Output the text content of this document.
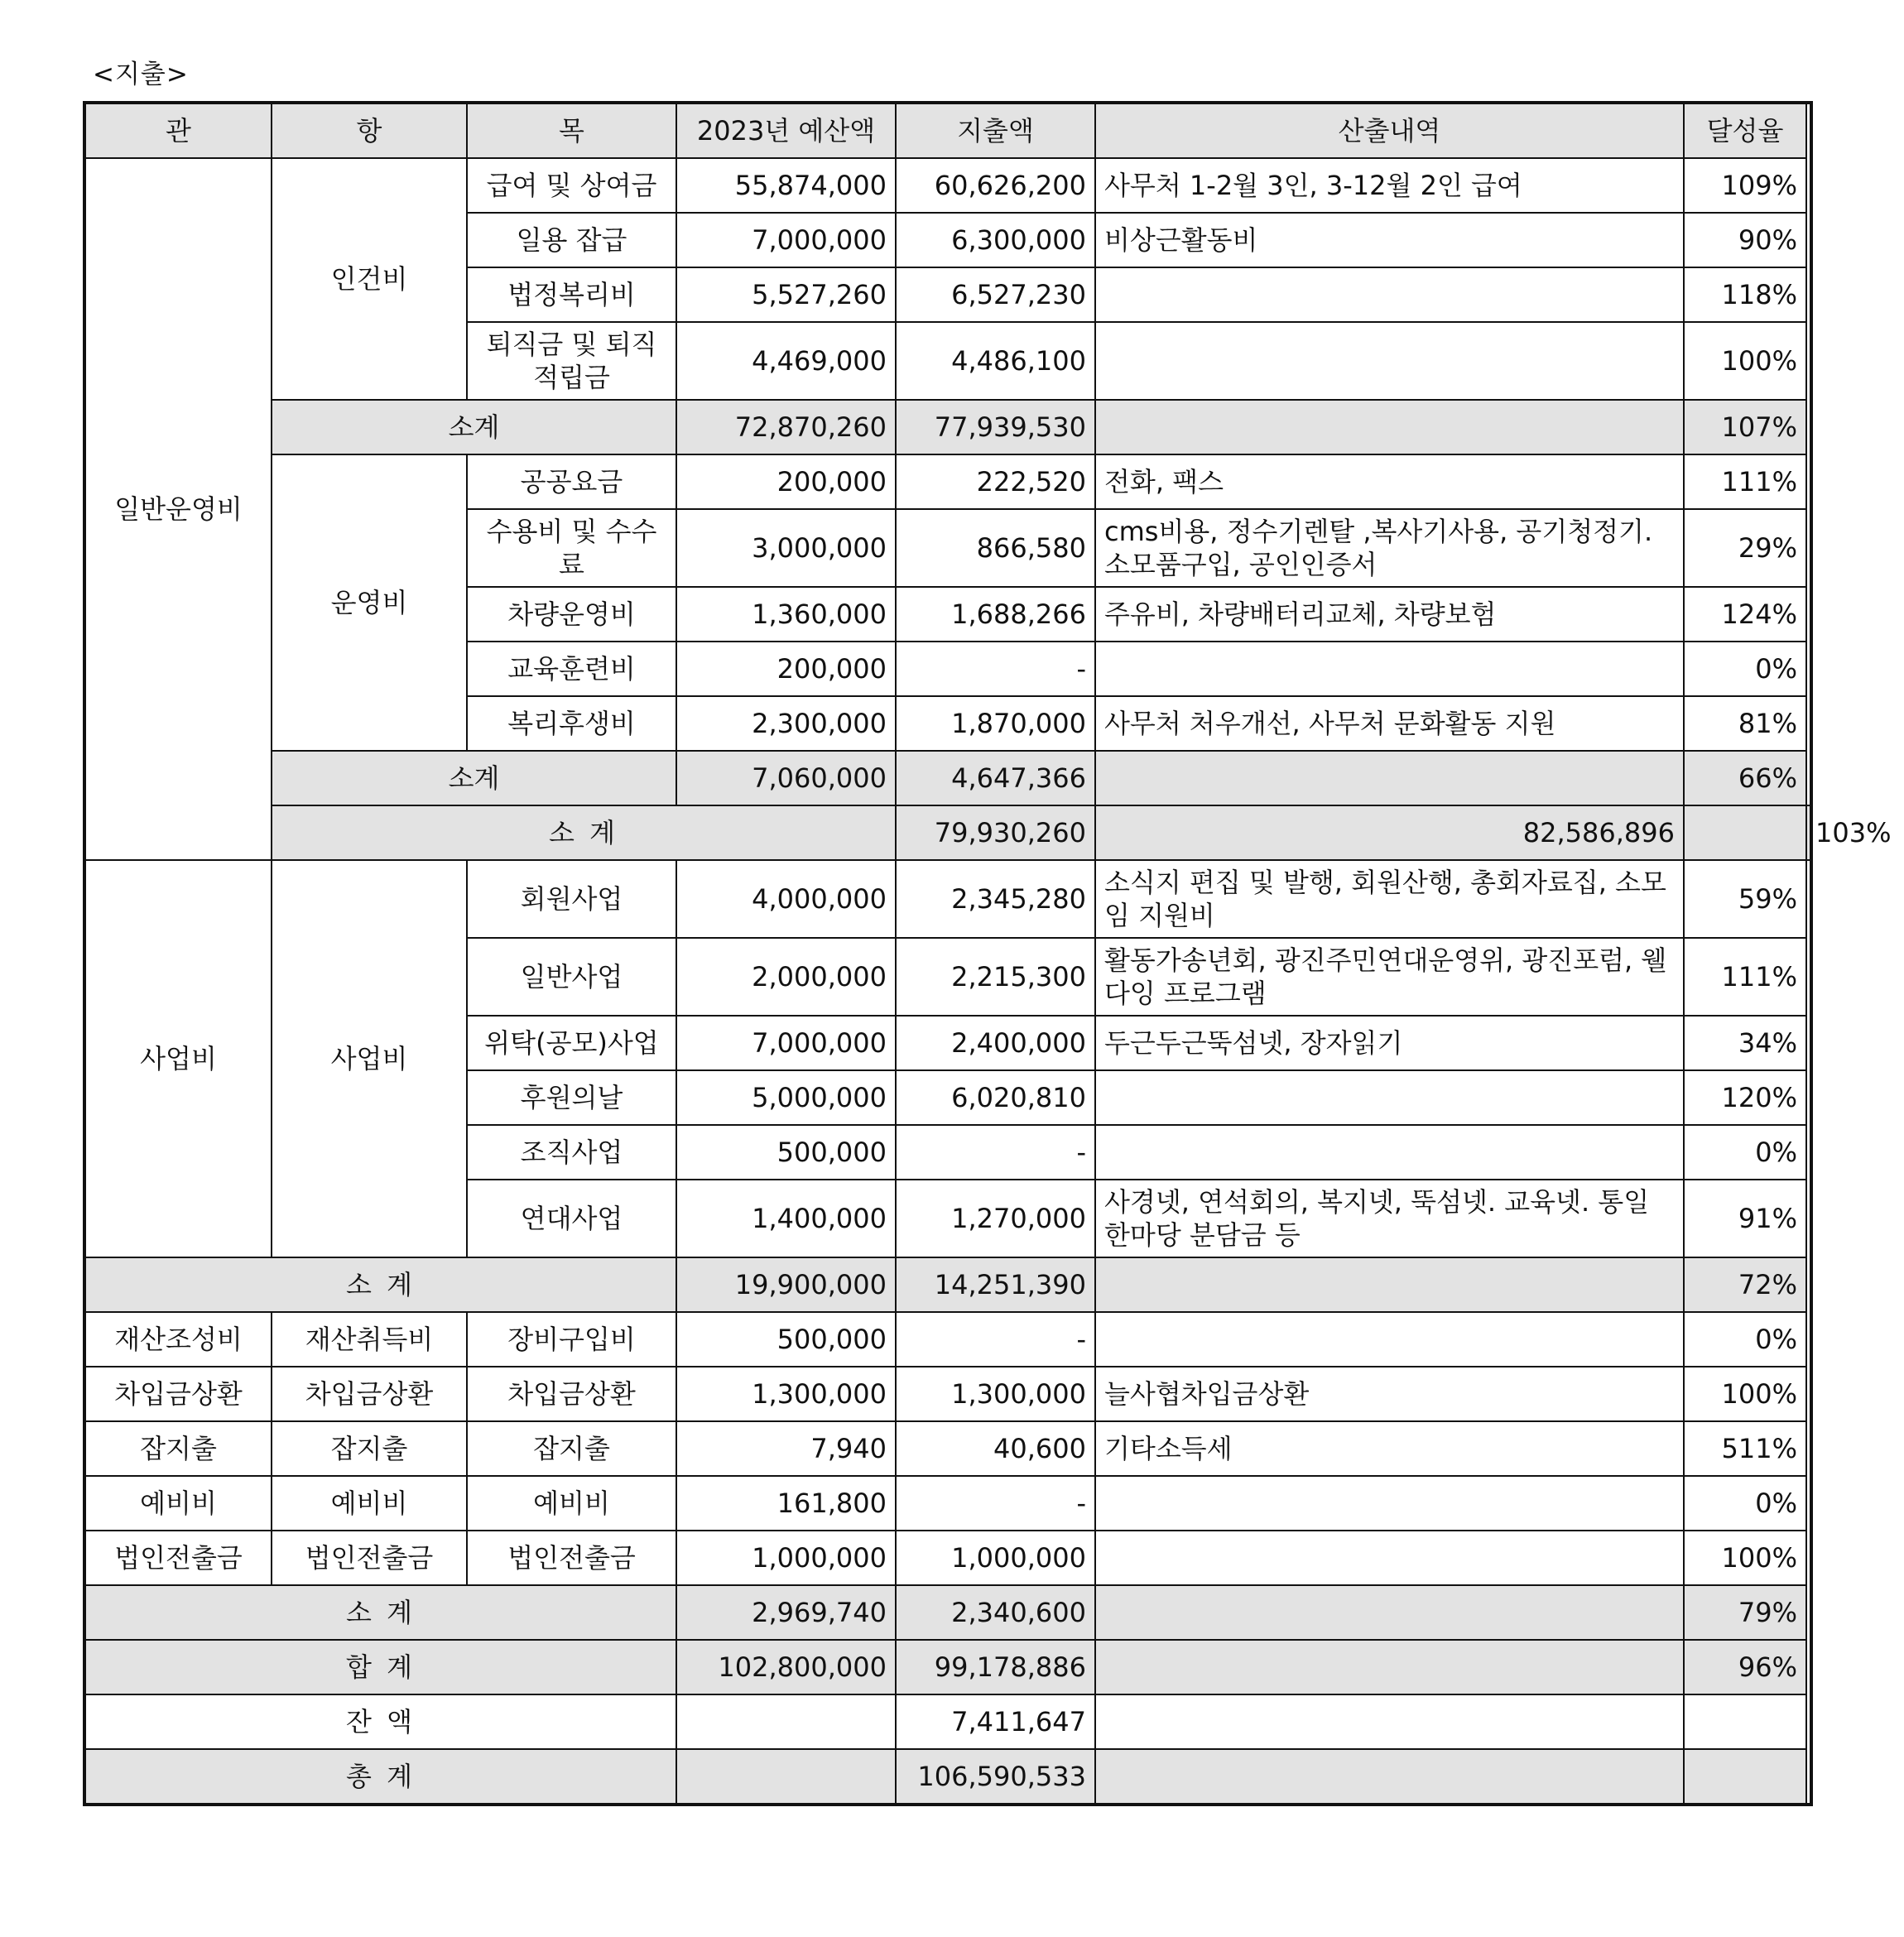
<지출>
관	항	목	2023년 예산액	지출액	산출내역	달성율	
일반운영비	인건비	급여 및 상여금	55,874,000	60,626,200	사무처 1-2월 3인, 3-12월 2인 급여	109%	
		일용 잡급	7,000,000	6,300,000	비상근활동비	90%	
		법정복리비	5,527,260	6,527,230		118%	
		퇴직금 및 퇴직 적립금	4,469,000	4,486,100		100%	
	소계		72,870,260	77,939,530		107%	
	운영비	공공요금	200,000	222,520	전화, 팩스	111%	
		수용비 및 수수료	3,000,000	866,580	cms비용, 정수기렌탈 ,복사기사용, 공기청정기. 소모품구입, 공인인증서	29%	
		차량운영비	1,360,000	1,688,266	주유비, 차량배터리교체, 차량보험	124%	
		교육훈련비	200,000	-		0%	
		복리후생비	2,300,000	1,870,000	사무처 처우개선, 사무처 문화활동 지원	81%	
	소계		7,060,000	4,647,366		66%	
	소 계			79,930,260	82,586,896		103%
사업비	사업비	회원사업	4,000,000	2,345,280	소식지 편집 및 발행, 회원산행, 총회자료집, 소모임 지원비	59%	
		일반사업	2,000,000	2,215,300	활동가송년회, 광진주민연대운영위, 광진포럼, 웰다잉 프로그램	111%	
		위탁(공모)사업	7,000,000	2,400,000	두근두근뚝섬넷, 장자읽기	34%	
		후원의날	5,000,000	6,020,810		120%	
		조직사업	500,000	-		0%	
		연대사업	1,400,000	1,270,000	사경넷, 연석회의, 복지넷, 뚝섬넷. 교육넷. 통일한마당 분담금 등	91%	
소 계			19,900,000	14,251,390		72%	
재산조성비	재산취득비	장비구입비	500,000	-		0%	
차입금상환	차입금상환	차입금상환	1,300,000	1,300,000	늘사협차입금상환	100%	
잡지출	잡지출	잡지출	7,940	40,600	기타소득세	511%	
예비비	예비비	예비비	161,800	-		0%	
법인전출금	법인전출금	법인전출금	1,000,000	1,000,000		100%	
소 계			2,969,740	2,340,600		79%	
합 계			102,800,000	99,178,886		96%	
잔 액				7,411,647			
총 계				106,590,533			
